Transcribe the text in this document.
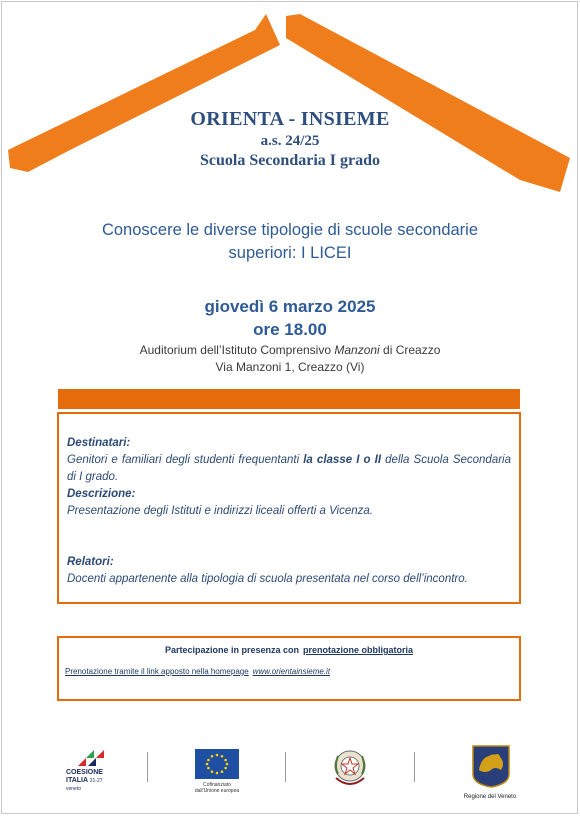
ORIENTA - INSIEME
a.s. 24/25
Scuola Secondaria I grado
Conoscere le diverse tipologie di scuole secondarie
superiori: I LICEI
giovedì 6 marzo 2025
ore 18.00
Auditorium dell’Istituto Comprensivo Manzoni di Creazzo
Via Manzoni 1, Creazzo (Vi)
Destinatari:
Genitori e familiari degli studenti frequentanti la classe I o II della Scuola Secondaria di I grado.
Descrizione:
Presentazione degli Istituti e indirizzi liceali offerti a Vicenza.
Relatori:
Docenti appartenente alla tipologia di scuola presentata nel corso dell’incontro.
Partecipazione in presenza con prenotazione obbligatoria
Prenotazione tramite il link apposto nella homepage www.orientainsieme.it
COESIONE
ITALIA 21-27
veneto
Cofinanziato
dall'Unione europea
Regione del Veneto
